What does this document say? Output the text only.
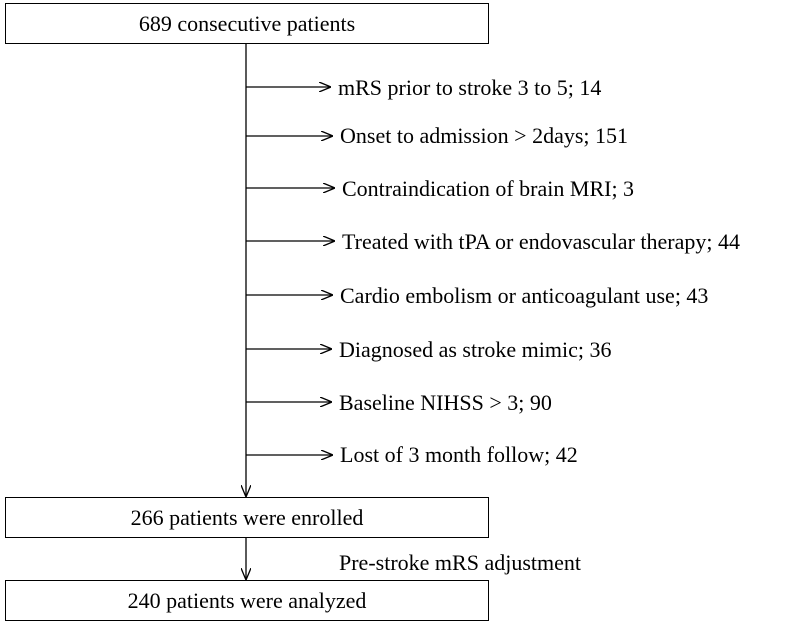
689 consecutive patients
mRS prior to stroke 3 to 5; 14
Onset to admission > 2days; 151
Contraindication of brain MRI; 3
Treated with tPA or endovascular therapy; 44
Cardio embolism or anticoagulant use; 43
Diagnosed as stroke mimic; 36
Baseline NIHSS > 3; 90
Lost of 3 month follow; 42
266 patients were enrolled
Pre-stroke mRS adjustment
240 patients were analyzed
